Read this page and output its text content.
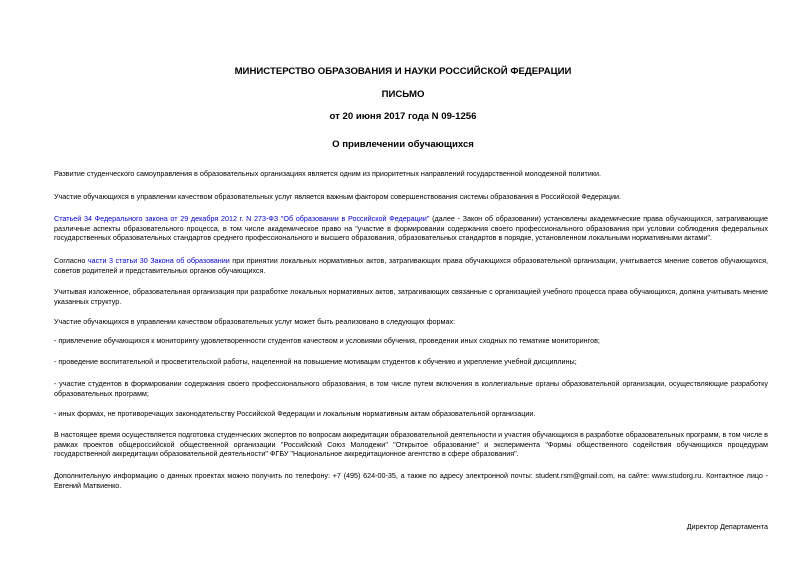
МИНИСТЕРСТВО ОБРАЗОВАНИЯ И НАУКИ РОССИЙСКОЙ ФЕДЕРАЦИИ
ПИСЬМО
от 20 июня 2017 года N 09-1256
О привлечении обучающихся

Развитие студенческого самоуправления в образовательных организациях является одним из приоритетных направлений государственной молодежной политики.

Участие обучающихся в управлении качеством образовательных услуг является важным фактором совершенствования системы образования в Российской Федерации.

Статьей 34 Федерального закона от 29 декабря 2012 г. N 273-ФЗ "Об образовании в Российской Федерации" (далее - Закон об образовании) установлены академические права обучающихся, затрагивающие различные аспекты образовательного процесса, в том числе академическое право на "участие в формировании содержания своего профессионального образования при условии соблюдения федеральных государственных образовательных стандартов среднего профессионального и высшего образования, образовательных стандартов в порядке, установленном локальными нормативными актами".

Согласно части 3 статьи 30 Закона об образовании при принятии локальных нормативных актов, затрагивающих права обучающихся образовательной организации, учитывается мнение советов обучающихся, советов родителей и представительных органов обучающихся.

Учитывая изложенное, образовательная организация при разработке локальных нормативных актов, затрагивающих связанные с организацией учебного процесса права обучающихся, должна учитывать мнение указанных структур.

Участие обучающихся в управлении качеством образовательных услуг может быть реализовано в следующих формах:

- привлечение обучающихся к мониторингу удовлетворенности студентов качеством и условиями обучения, проведении иных сходных по тематике мониторингов;

- проведение воспитательной и просветительской работы, нацеленной на повышение мотивации студентов к обучению и укрепление учебной дисциплины;

- участие студентов в формировании содержания своего профессионального образования, в том числе путем включения в коллегиальные органы образовательной организации, осуществляющие разработку образовательных программ;

- иных формах, не противоречащих законодательству Российской Федерации и локальным нормативным актам образовательной организации.

В настоящее время осуществляется подготовка студенческих экспертов по вопросам аккредитации образовательной деятельности и участия обучающихся в разработке образовательных программ, в том числе в рамках проектов общероссийской общественной организации "Российский Союз Молодежи" "Открытое образование" и эксперимента "Формы общественного содействия обучающихся процедурам государственной аккредитации образовательной деятельности" ФГБУ "Национальное аккредитационное агентство в сфере образования".

Дополнительную информацию о данных проектах можно получить по телефону: +7 (495) 624-00-35, а также по адресу электронной почты: student.rsm@gmail.com, на сайте: www.studorg.ru. Контактное лицо - Евгений Матвиенко.

Директор Департамента
